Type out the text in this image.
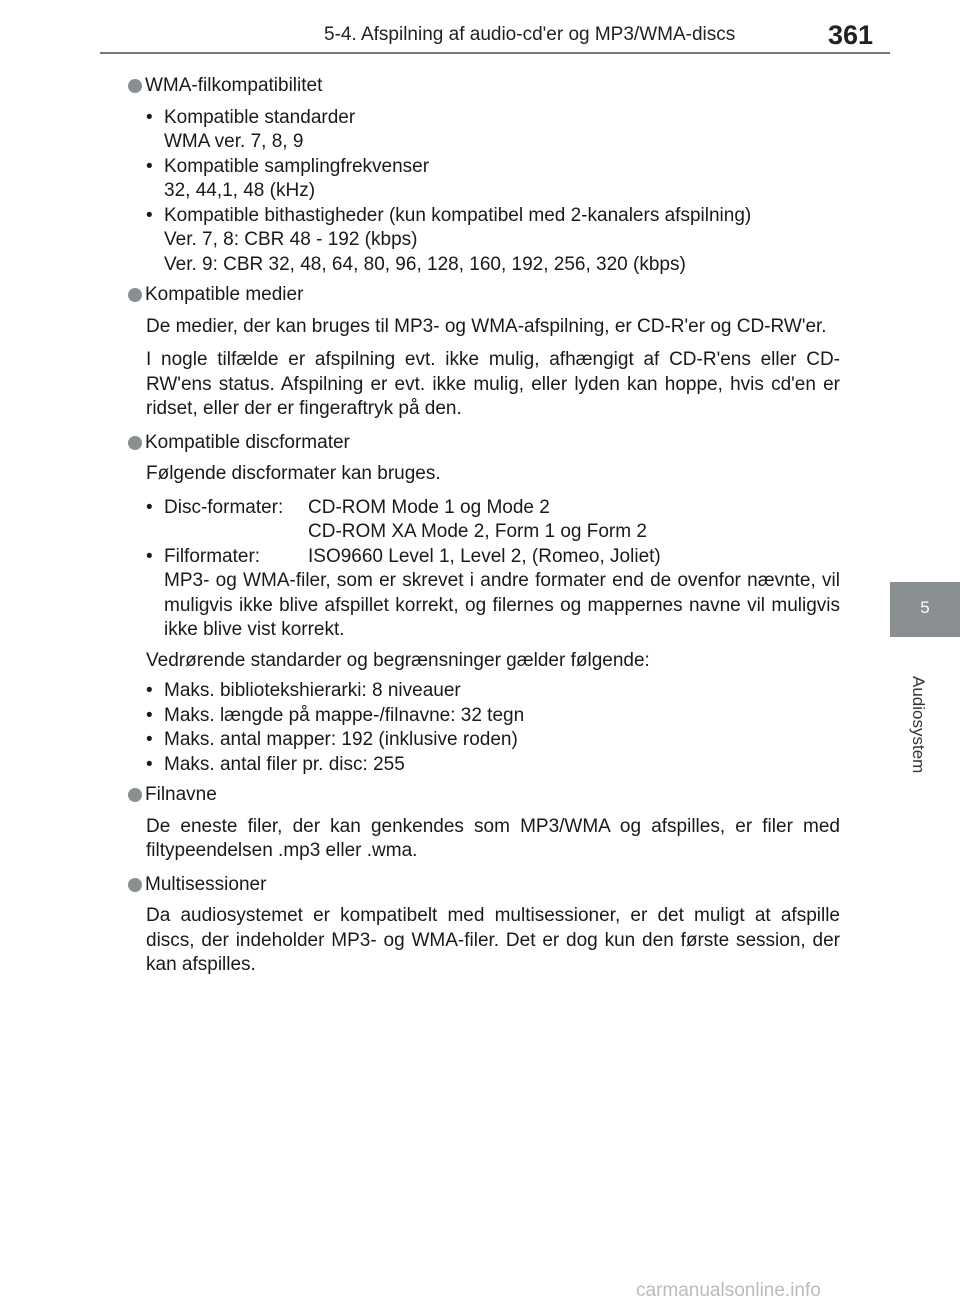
5-4. Afspilning af audio-cd'er og MP3/WMA-discs	361
5
Audiosystem
WMA-filkompatibilitet
• Kompatible standarder
WMA ver. 7, 8, 9
• Kompatible samplingfrekvenser
32, 44,1, 48 (kHz)
• Kompatible bithastigheder (kun kompatibel med 2-kanalers afspilning)
Ver. 7, 8: CBR 48 - 192 (kbps)
Ver. 9: CBR 32, 48, 64, 80, 96, 128, 160, 192, 256, 320 (kbps)
Kompatible medier
De medier, der kan bruges til MP3- og WMA-afspilning, er CD-R'er og CD-RW'er.
I nogle tilfælde er afspilning evt. ikke mulig, afhængigt af CD-R'ens eller CD-RW'ens status. Afspilning er evt. ikke mulig, eller lyden kan hoppe, hvis cd'en er ridset, eller der er fingeraftryk på den.
Kompatible discformater
Følgende discformater kan bruges.
• Disc-formater:	CD-ROM Mode 1 og Mode 2
CD-ROM XA Mode 2, Form 1 og Form 2
• Filformater:	ISO9660 Level 1, Level 2, (Romeo, Joliet)
MP3- og WMA-filer, som er skrevet i andre formater end de ovenfor nævnte, vil muligvis ikke blive afspillet korrekt, og filernes og mappernes navne vil muligvis ikke blive vist korrekt.
Vedrørende standarder og begrænsninger gælder følgende:
• Maks. bibliotekshierarki: 8 niveauer
• Maks. længde på mappe-/filnavne: 32 tegn
• Maks. antal mapper: 192 (inklusive roden)
• Maks. antal filer pr. disc: 255
Filnavne
De eneste filer, der kan genkendes som MP3/WMA og afspilles, er filer med filtypeendelsen .mp3 eller .wma.
Multisessioner
Da audiosystemet er kompatibelt med multisessioner, er det muligt at afspille discs, der indeholder MP3- og WMA-filer. Det er dog kun den første session, der kan afspilles.
carmanualsonline.info
